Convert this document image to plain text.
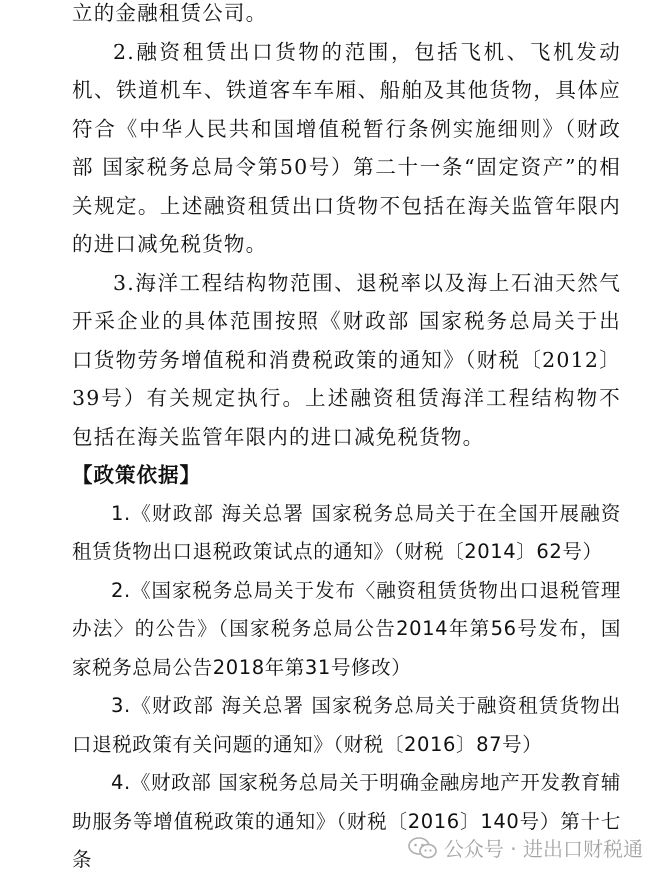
立的金融租赁公司。

2.融资租赁出口货物的范围，包括飞机、飞机发动机、铁道机车、铁道客车车厢、船舶及其他货物，具体应符合《中华人民共和国增值税暂行条例实施细则》（财政部 国家税务总局令第50号）第二十一条“固定资产”的相关规定。上述融资租赁出口货物不包括在海关监管年限内的进口减免税货物。

3.海洋工程结构物范围、退税率以及海上石油天然气开采企业的具体范围按照《财政部 国家税务总局关于出口货物劳务增值税和消费税政策的通知》（财税〔2012〕39号）有关规定执行。上述融资租赁海洋工程结构物不包括在海关监管年限内的进口减免税货物。

【政策依据】

1.《财政部 海关总署 国家税务总局关于在全国开展融资租赁货物出口退税政策试点的通知》（财税〔2014〕62号）

2.《国家税务总局关于发布〈融资租赁货物出口退税管理办法〉的公告》（国家税务总局公告2014年第56号发布，国家税务总局公告2018年第31号修改）

3.《财政部 海关总署 国家税务总局关于融资租赁货物出口退税政策有关问题的通知》（财税〔2016〕87号）

4.《财政部 国家税务总局关于明确金融房地产开发教育辅助服务等增值税政策的通知》（财税〔2016〕140号）第十七条	公众号 · 进出口财税通
